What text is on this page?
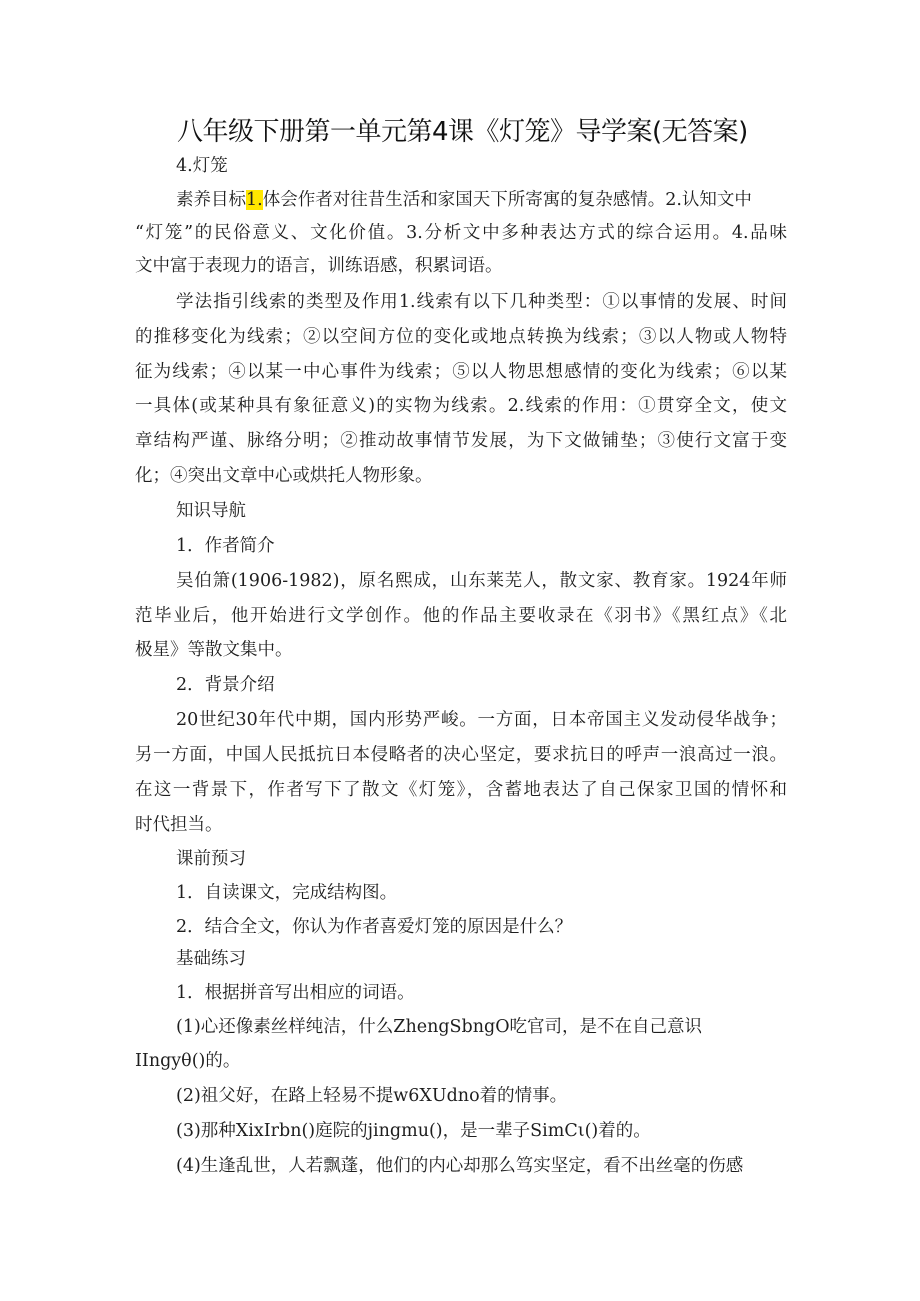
八年级下册第一单元第4课《灯笼》导学案(无答案)
4.灯笼
素养目标1.体会作者对往昔生活和家国天下所寄寓的复杂感情。2.认知文中
“灯笼”的民俗意义、文化价值。3.分析文中多种表达方式的综合运用。4.品味
文中富于表现力的语言，训练语感，积累词语。
学法指引线索的类型及作用1.线索有以下几种类型：①以事情的发展、时间
的推移变化为线索；②以空间方位的变化或地点转换为线索；③以人物或人物特
征为线索；④以某一中心事件为线索；⑤以人物思想感情的变化为线索；⑥以某
一具体(或某种具有象征意义)的实物为线索。2.线索的作用：①贯穿全文，使文
章结构严谨、脉络分明；②推动故事情节发展，为下文做铺垫；③使行文富于变
化；④突出文章中心或烘托人物形象。
知识导航
1．作者简介
吴伯箫(1906-1982)，原名熙成，山东莱芜人，散文家、教育家。1924年师
范毕业后，他开始进行文学创作。他的作品主要收录在《羽书》《黑红点》《北
极星》等散文集中。
2．背景介绍
20世纪30年代中期，国内形势严峻。一方面，日本帝国主义发动侵华战争；
另一方面，中国人民抵抗日本侵略者的决心坚定，要求抗日的呼声一浪高过一浪。
在这一背景下，作者写下了散文《灯笼》，含蓄地表达了自己保家卫国的情怀和
时代担当。
课前预习
1．自读课文，完成结构图。
2．结合全文，你认为作者喜爱灯笼的原因是什么？
基础练习
1．根据拼音写出相应的词语。
(1)心还像素丝样纯洁，什么ZhengSbngO吃官司，是不在自己意识
IIngyθ()的。
(2)祖父好，在路上轻易不提w6XUdno着的情事。
(3)那种XixIrbn()庭院的jingmu()，是一辈子SimCι()着的。
(4)生逢乱世，人若飘蓬，他们的内心却那么笃实坚定，看不出丝毫的伤感
